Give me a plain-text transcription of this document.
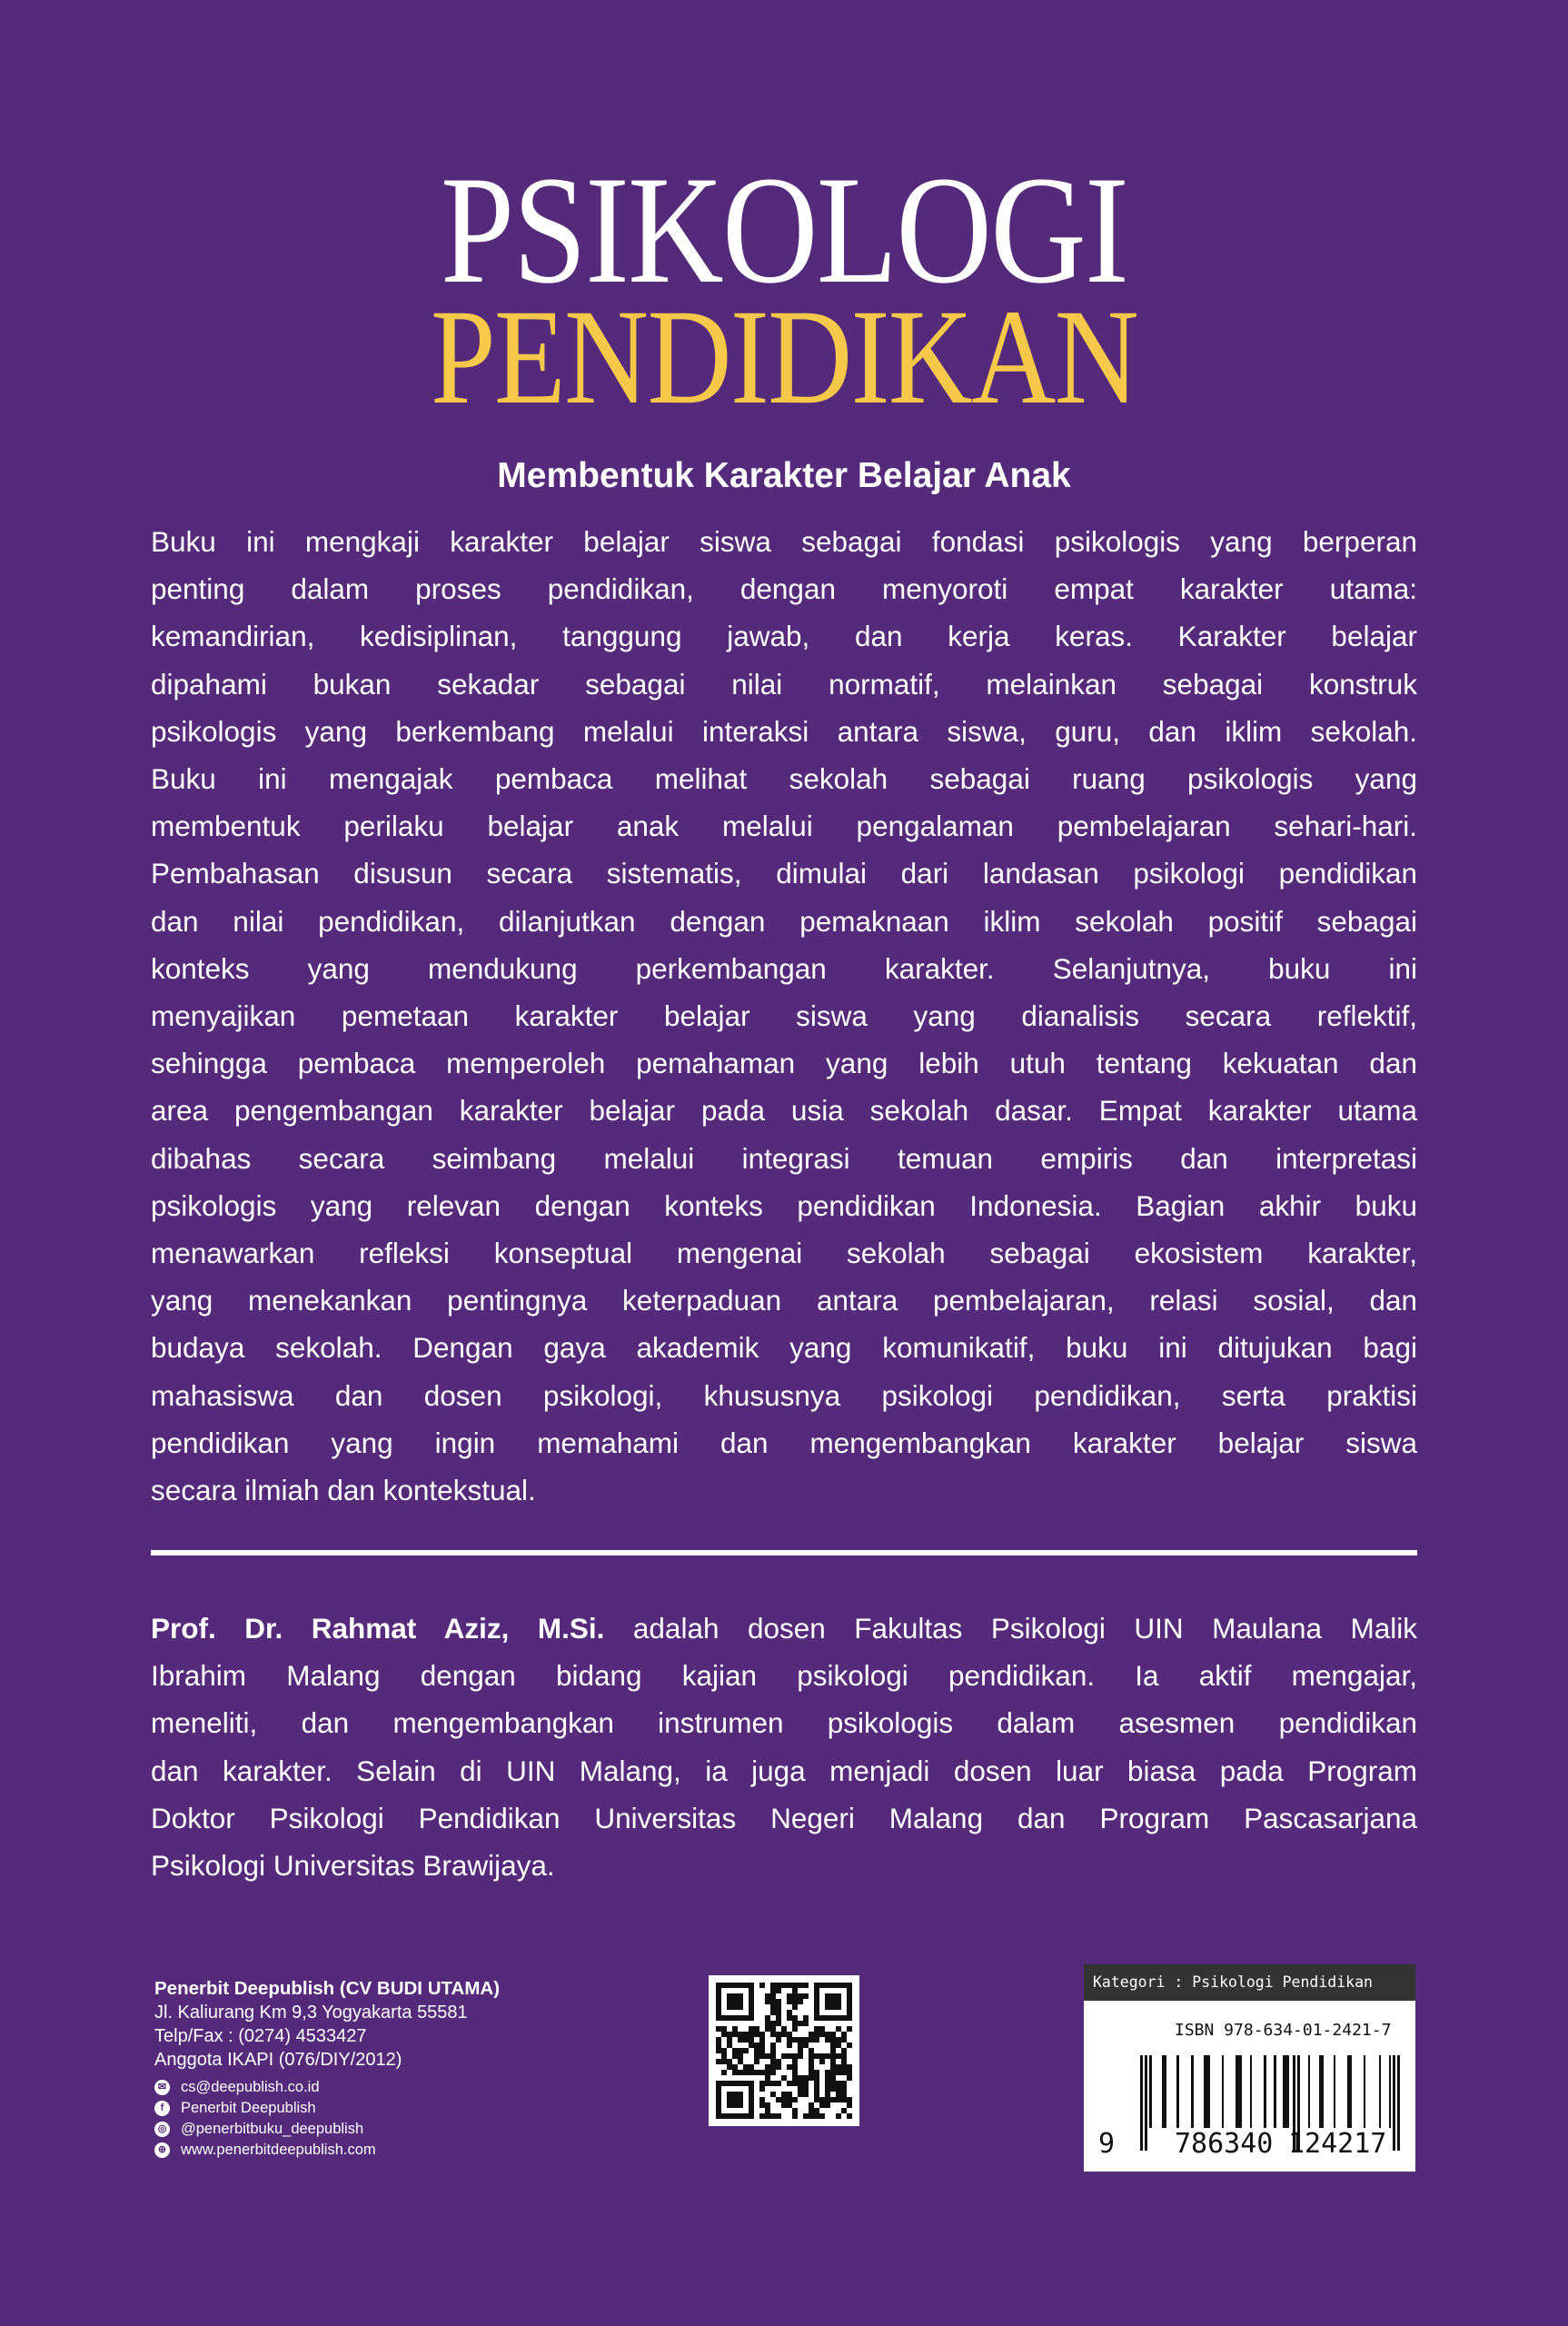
PSIKOLOGI
PENDIDIKAN
Membentuk Karakter Belajar Anak
Buku ini mengkaji karakter belajar siswa sebagai fondasi psikologis yang berperan
penting dalam proses pendidikan, dengan menyoroti empat karakter utama:
kemandirian, kedisiplinan, tanggung jawab, dan kerja keras. Karakter belajar
dipahami bukan sekadar sebagai nilai normatif, melainkan sebagai konstruk
psikologis yang berkembang melalui interaksi antara siswa, guru, dan iklim sekolah.
Buku ini mengajak pembaca melihat sekolah sebagai ruang psikologis yang
membentuk perilaku belajar anak melalui pengalaman pembelajaran sehari-hari.
Pembahasan disusun secara sistematis, dimulai dari landasan psikologi pendidikan
dan nilai pendidikan, dilanjutkan dengan pemaknaan iklim sekolah positif sebagai
konteks yang mendukung perkembangan karakter. Selanjutnya, buku ini
menyajikan pemetaan karakter belajar siswa yang dianalisis secara reflektif,
sehingga pembaca memperoleh pemahaman yang lebih utuh tentang kekuatan dan
area pengembangan karakter belajar pada usia sekolah dasar. Empat karakter utama
dibahas secara seimbang melalui integrasi temuan empiris dan interpretasi
psikologis yang relevan dengan konteks pendidikan Indonesia. Bagian akhir buku
menawarkan refleksi konseptual mengenai sekolah sebagai ekosistem karakter,
yang menekankan pentingnya keterpaduan antara pembelajaran, relasi sosial, dan
budaya sekolah. Dengan gaya akademik yang komunikatif, buku ini ditujukan bagi
mahasiswa dan dosen psikologi, khususnya psikologi pendidikan, serta praktisi
pendidikan yang ingin memahami dan mengembangkan karakter belajar siswa
secara ilmiah dan kontekstual.
Prof. Dr. Rahmat Aziz, M.Si. adalah dosen Fakultas Psikologi UIN Maulana Malik
Ibrahim Malang dengan bidang kajian psikologi pendidikan. Ia aktif mengajar,
meneliti, dan mengembangkan instrumen psikologis dalam asesmen pendidikan
dan karakter. Selain di UIN Malang, ia juga menjadi dosen luar biasa pada Program
Doktor Psikologi Pendidikan Universitas Negeri Malang dan Program Pascasarjana
Psikologi Universitas Brawijaya.
Penerbit Deepublish (CV BUDI UTAMA)
Jl. Kaliurang Km 9,3 Yogyakarta 55581
Telp/Fax : (0274) 4533427
Anggota IKAPI (076/DIY/2012)
✉ cs@deepublish.co.id
f	Penerbit Deepublish
◎ @penerbitbuku_deepublish
⊕ www.penerbitdeepublish.com
Kategori : Psikologi Pendidikan
ISBN 978-634-01-2421-7
9 786340 124217
